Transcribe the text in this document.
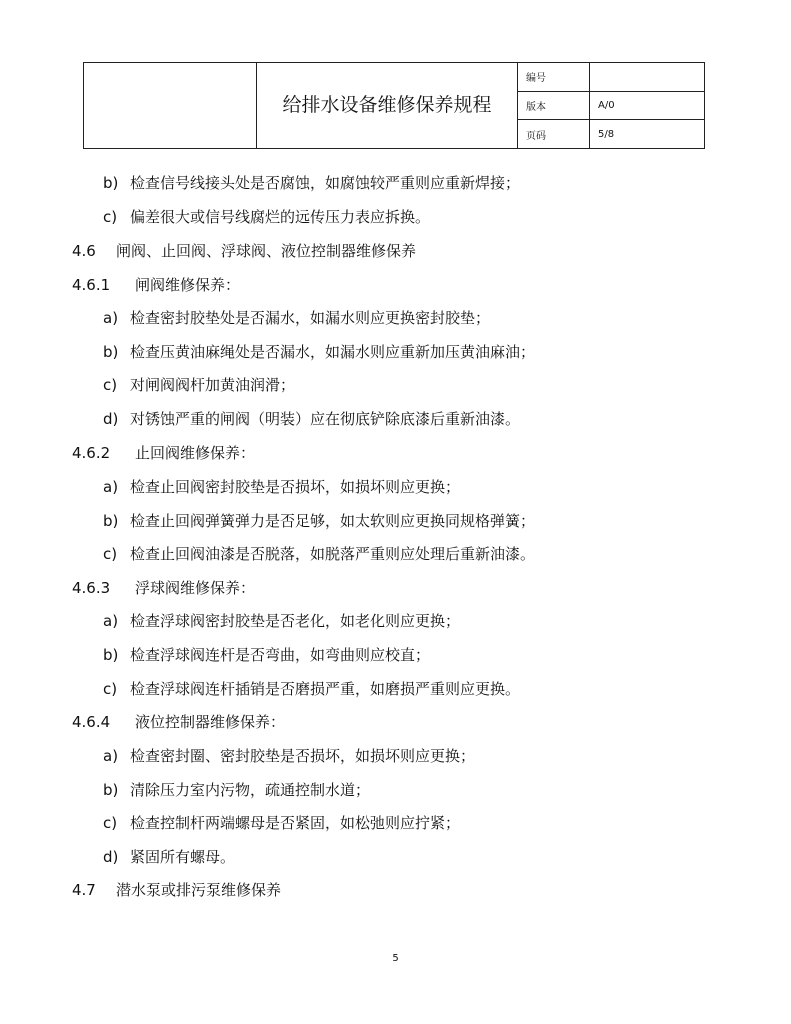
	给排水设备维修保养规程	编号	
		版本	A/0
		页码	5/8
b) 检查信号线接头处是否腐蚀，如腐蚀较严重则应重新焊接；
c) 偏差很大或信号线腐烂的远传压力表应拆换。
4.6 闸阀、止回阀、浮球阀、液位控制器维修保养
4.6.1 闸阀维修保养：
a) 检查密封胶垫处是否漏水，如漏水则应更换密封胶垫；
b) 检查压黄油麻绳处是否漏水，如漏水则应重新加压黄油麻油；
c) 对闸阀阀杆加黄油润滑；
d) 对锈蚀严重的闸阀（明装）应在彻底铲除底漆后重新油漆。
4.6.2 止回阀维修保养：
a) 检查止回阀密封胶垫是否损坏，如损坏则应更换；
b) 检查止回阀弹簧弹力是否足够，如太软则应更换同规格弹簧；
c) 检查止回阀油漆是否脱落，如脱落严重则应处理后重新油漆。
4.6.3 浮球阀维修保养：
a) 检查浮球阀密封胶垫是否老化，如老化则应更换；
b) 检查浮球阀连杆是否弯曲，如弯曲则应校直；
c) 检查浮球阀连杆插销是否磨损严重，如磨损严重则应更换。
4.6.4 液位控制器维修保养：
a) 检查密封圈、密封胶垫是否损坏，如损坏则应更换；
b) 清除压力室内污物，疏通控制水道；
c) 检查控制杆两端螺母是否紧固，如松弛则应拧紧；
d) 紧固所有螺母。
4.7 潜水泵或排污泵维修保养
5
